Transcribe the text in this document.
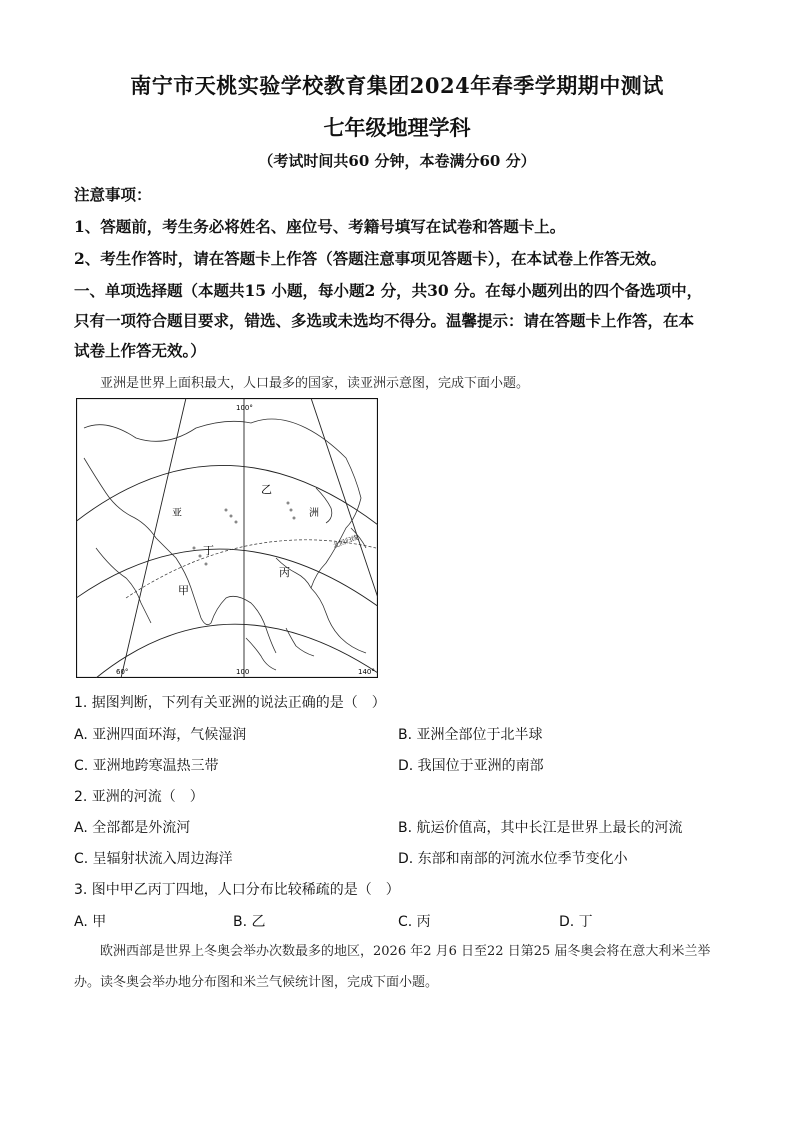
南宁市天桃实验学校教育集团2024年春季学期期中测试
七年级地理学科
（考试时间共60 分钟，本卷满分60 分）
注意事项：
1、答题前，考生务必将姓名、座位号、考籍号填写在试卷和答题卡上。
2、考生作答时，请在答题卡上作答（答题注意事项见答题卡），在本试卷上作答无效。
一、单项选择题（本题共15 小题，每小题2 分，共30 分。在每小题列出的四个备选项中，
只有一项符合题目要求，错选、多选或未选均不得分。温馨提示：请在答题卡上作答，在本
试卷上作答无效。）
亚洲是世界上面积最大，人口最多的国家，读亚洲示意图，完成下面小题。
亚	洲
甲
乙
丙
丁
北回归线
100°
60°	100	140°
1. 据图判断，下列有关亚洲的说法正确的是（　）
A. 亚洲四面环海，气候湿润	B. 亚洲全部位于北半球
C. 亚洲地跨寒温热三带	D. 我国位于亚洲的南部
2. 亚洲的河流（　）
A. 全部都是外流河	B. 航运价值高，其中长江是世界上最长的河流
C. 呈辐射状流入周边海洋	D. 东部和南部的河流水位季节变化小
3. 图中甲乙丙丁四地，人口分布比较稀疏的是（　）
A. 甲	B. 乙	C. 丙	D. 丁
欧洲西部是世界上冬奥会举办次数最多的地区，2026 年2 月6 日至22 日第25 届冬奥会将在意大利米兰举办。读冬奥会举办地分布图和米兰气候统计图，完成下面小题。
